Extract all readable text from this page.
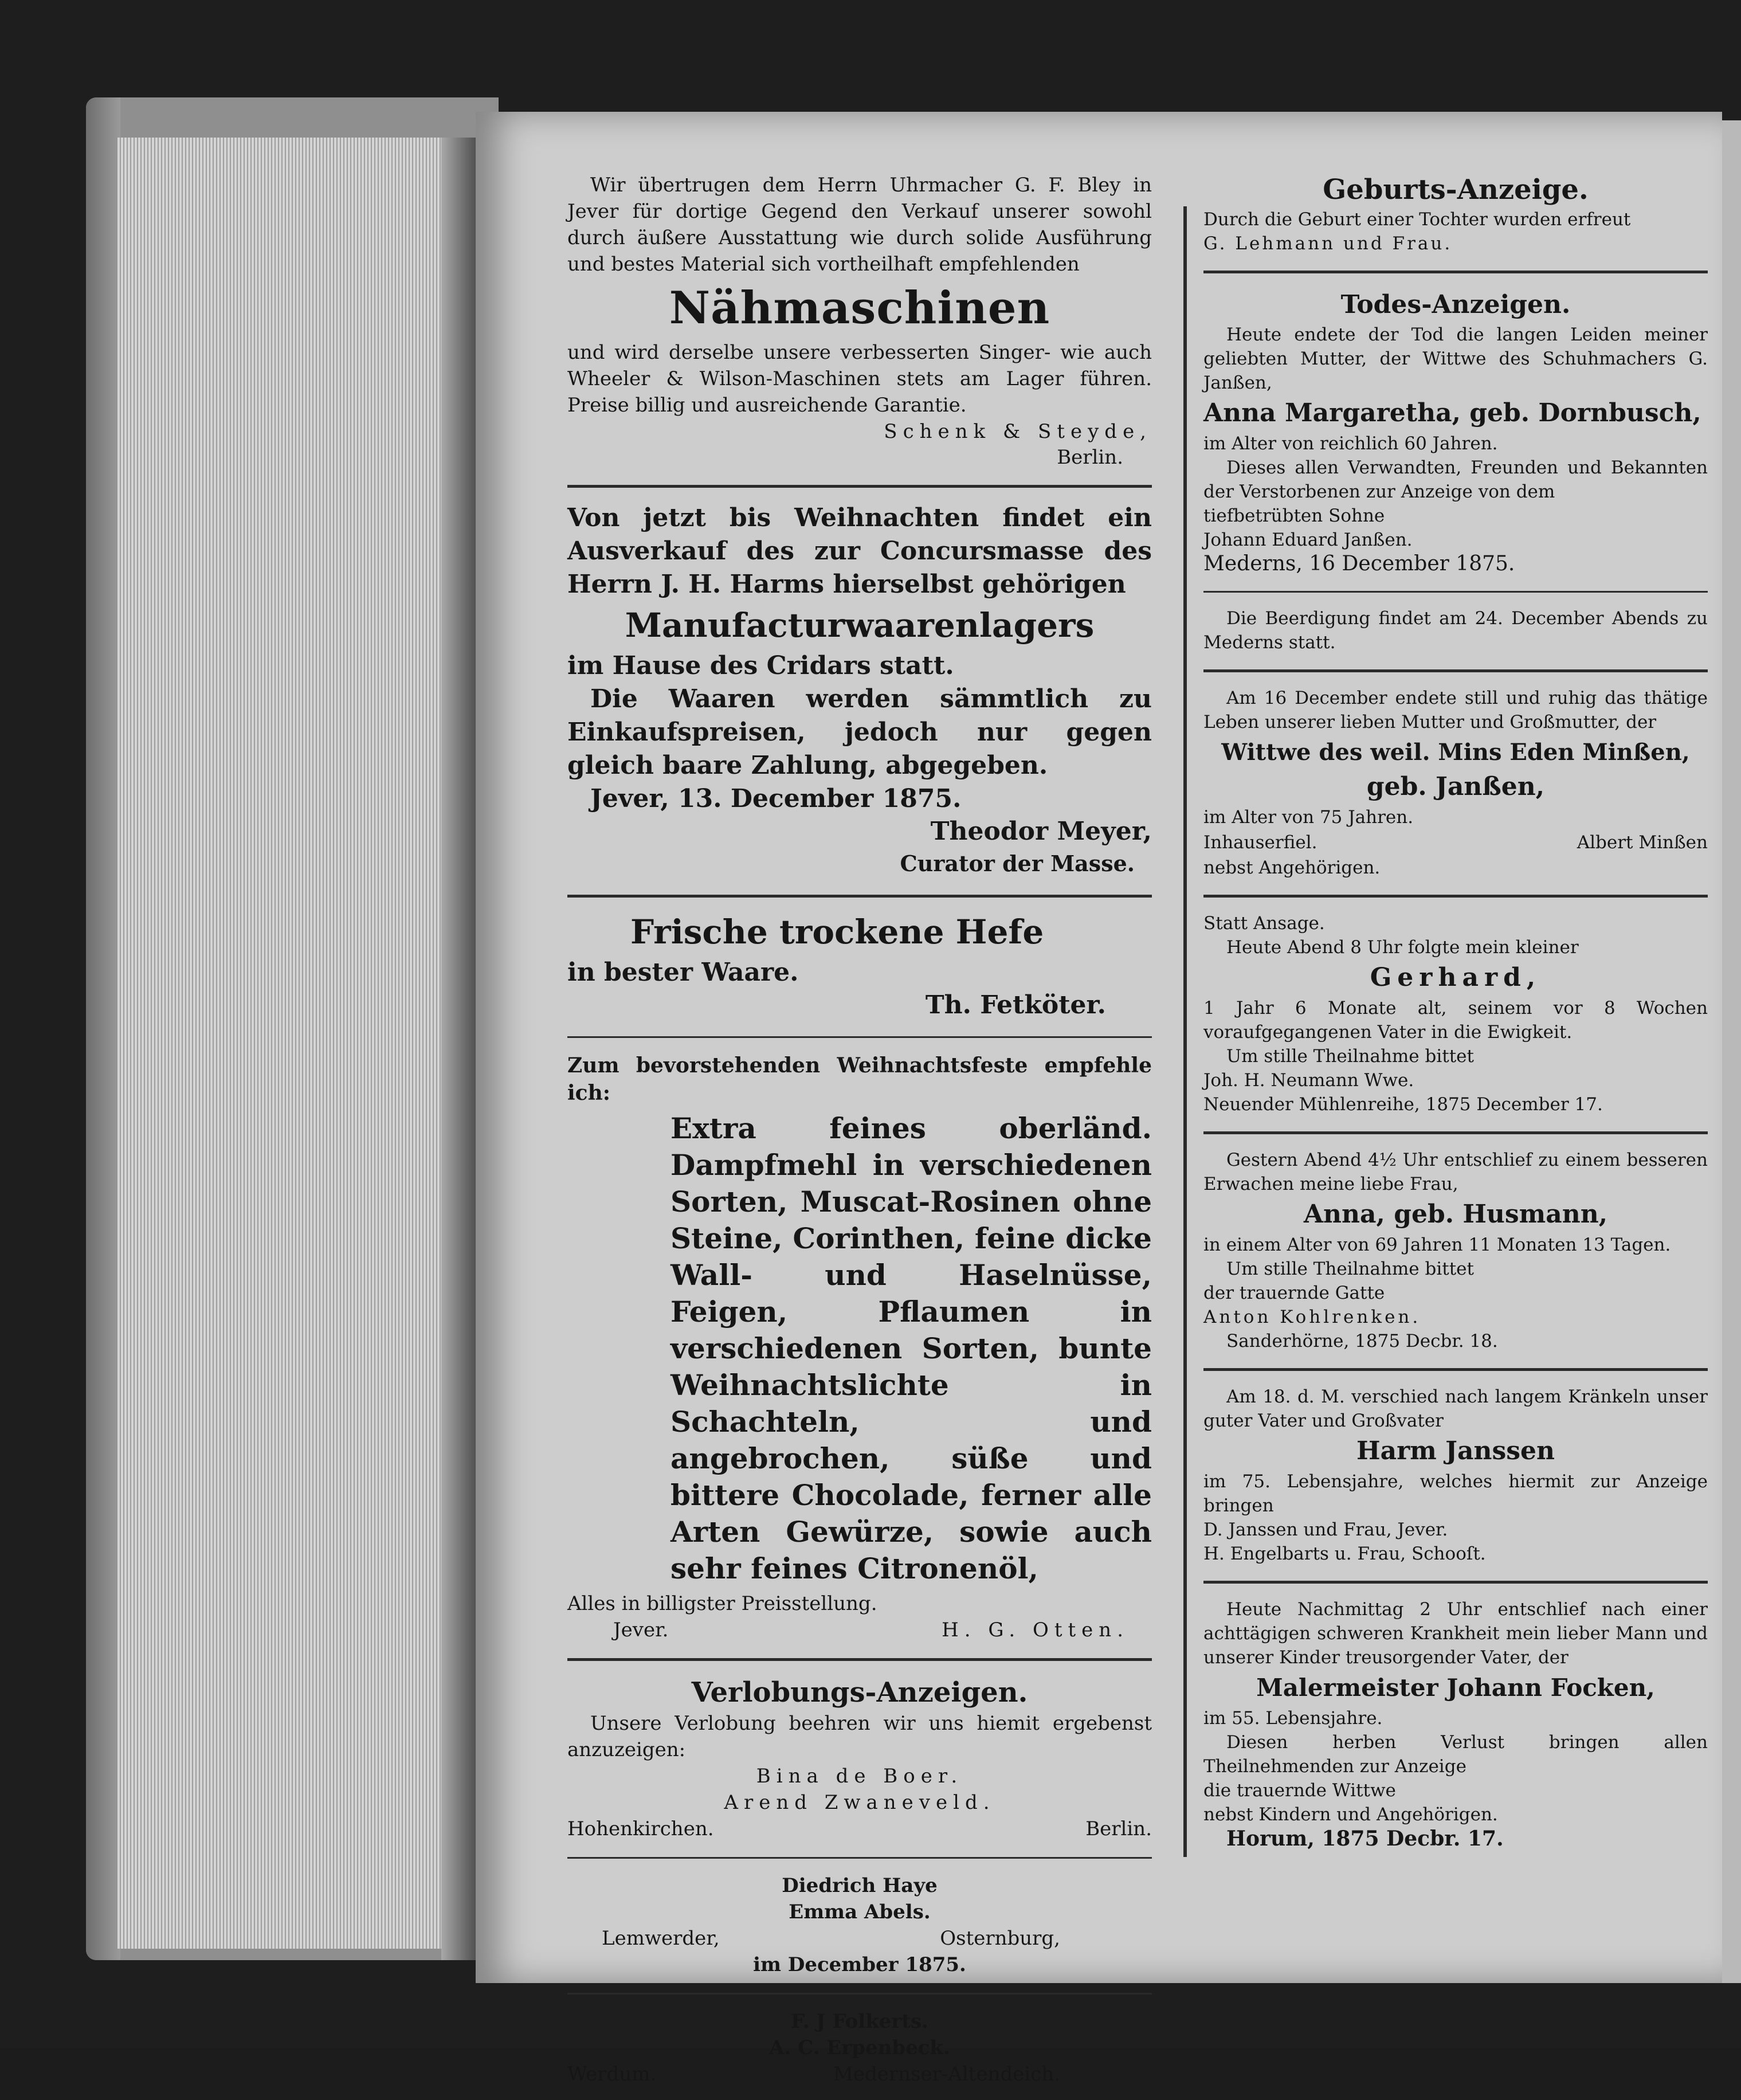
Wir übertrugen dem Herrn Uhrmacher G. F. Bley in Jever für dortige Gegend den Verkauf unserer sowohl durch äußere Ausstattung wie durch solide Ausführung und bestes Material sich vortheilhaft empfehlenden

Nähmaschinen

und wird derselbe unsere verbesserten Singer- wie auch Wheeler & Wilson-Maschinen stets am Lager führen. Preise billig und ausreichende Garantie.

Schenk & Steyde,

Berlin.

Von jetzt bis Weihnachten findet ein Ausverkauf des zur Concursmasse des Herrn J. H. Harms hierselbst gehörigen

Manufacturwaarenlagers

im Hause des Cridars statt.

Die Waaren werden sämmtlich zu Einkaufspreisen, jedoch nur gegen gleich baare Zahlung, abgegeben.

Jever, 13. December 1875.

Theodor Meyer,

Curator der Masse.

Frische trockene Hefe

in bester Waare.

Th. Fetköter.

Zum bevorstehenden Weihnachtsfeste empfehle ich:

Extra feines oberländ. Dampfmehl in verschiedenen Sorten, Muscat-Rosinen ohne Steine, Corinthen, feine dicke Wall- und Haselnüsse, Feigen, Pflaumen in verschiedenen Sorten, bunte Weihnachtslichte in Schachteln, und angebrochen, süße und bittere Chocolade, ferner alle Arten Gewürze, sowie auch sehr feines Citronenöl,

Alles in billigster Preisstellung.

Jever.	H. G. Otten.
Verlobungs-Anzeigen.

Unsere Verlobung beehren wir uns hiemit ergebenst anzuzeigen:

Bina de Boer.

Arend Zwaneveld.

Hohenkirchen.	Berlin.

Diedrich Haye

Emma Abels.

Lemwerder,	Osternburg,

im December 1875.

F. J Folkerts.

A. C. Erpenbeck.

Werdum.	Medernser-Altendeich.
Geburts-Anzeige.

Durch die Geburt einer Tochter wurden erfreut

G. Lehmann und Frau.

Todes-Anzeigen.

Heute endete der Tod die langen Leiden meiner geliebten Mutter, der Wittwe des Schuhmachers G. Janßen,

Anna Margaretha, geb. Dornbusch,

im Alter von reichlich 60 Jahren.

Dieses allen Verwandten, Freunden und Bekannten der Verstorbenen zur Anzeige von dem

tiefbetrübten Sohne

Johann Eduard Janßen.

Mederns, 16 December 1875.

Die Beerdigung findet am 24. December Abends zu Mederns statt.

Am 16 December endete still und ruhig das thätige Leben unserer lieben Mutter und Großmutter, der

Wittwe des weil. Mins Eden Minßen,
geb. Janßen,

im Alter von 75 Jahren.

Inhauserfiel.	Albert Minßen

nebst Angehörigen.

Statt Ansage.

Heute Abend 8 Uhr folgte mein kleiner

Gerhard,

1 Jahr 6 Monate alt, seinem vor 8 Wochen voraufgegangenen Vater in die Ewigkeit.

Um stille Theilnahme bittet

Joh. H. Neumann Wwe.

Neuender Mühlenreihe, 1875 December 17.

Gestern Abend 4½ Uhr entschlief zu einem besseren Erwachen meine liebe Frau,

Anna, geb. Husmann,

in einem Alter von 69 Jahren 11 Monaten 13 Tagen.

Um stille Theilnahme bittet

der trauernde Gatte

Anton Kohlrenken.

Sanderhörne, 1875 Decbr. 18.

Am 18. d. M. verschied nach langem Kränkeln unser guter Vater und Großvater

Harm Janssen

im 75. Lebensjahre, welches hiermit zur Anzeige bringen

D. Janssen und Frau, Jever.

H. Engelbarts u. Frau, Schooſt.

Heute Nachmittag 2 Uhr entschlief nach einer achttägigen schweren Krankheit mein lieber Mann und unserer Kinder treusorgender Vater, der

Malermeister Johann Focken,

im 55. Lebensjahre.

Diesen herben Verlust bringen allen Theilnehmenden zur Anzeige

die trauernde Wittwe

nebst Kindern und Angehörigen.

Horum, 1875 Decbr. 17.
